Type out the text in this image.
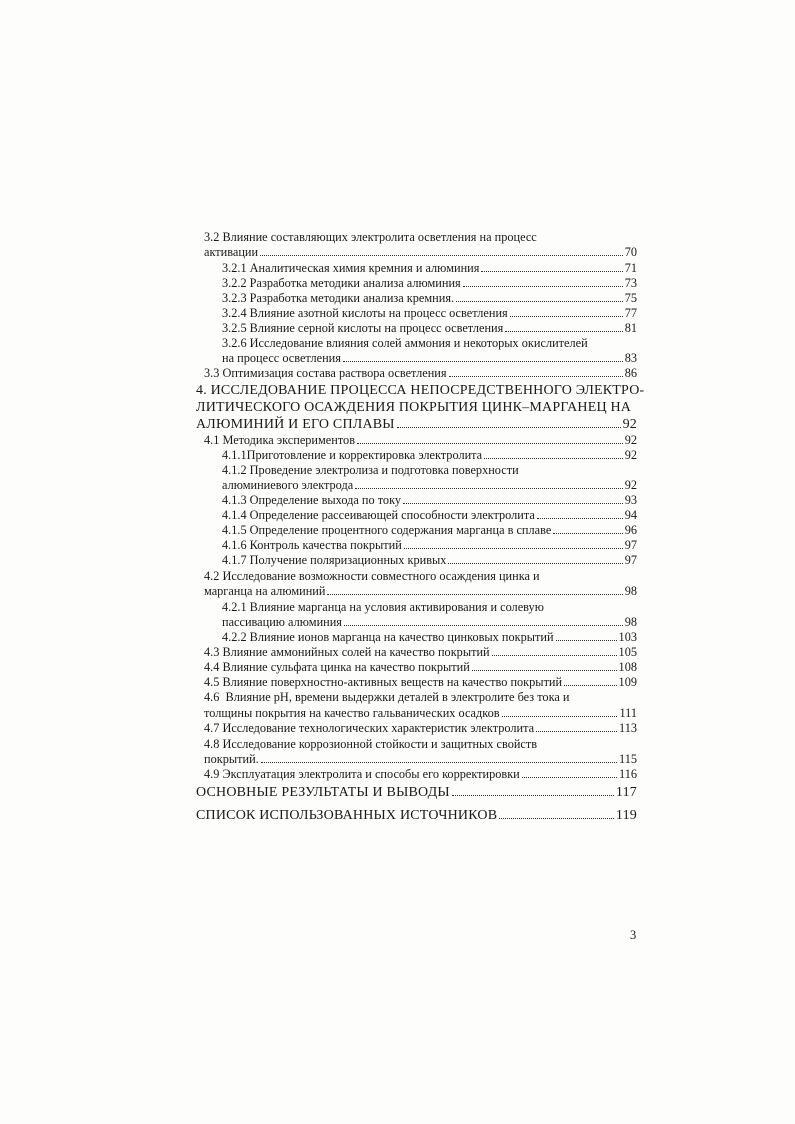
3.2 Влияние составляющих электролита осветления на процесс
активации	70
3.2.1 Аналитическая химия кремния и алюминия	71
3.2.2 Разработка методики анализа алюминия	73
3.2.3 Разработка методики анализа кремния.	75
3.2.4 Влияние азотной кислоты на процесс осветления	77
3.2.5 Влияние серной кислоты на процесс осветления	81
3.2.6 Исследование влияния солей аммония и некоторых окислителей
на процесс осветления	83
3.3 Оптимизация состава раствора осветления	86
4. ИССЛЕДОВАНИЕ ПРОЦЕССА НЕПОСРЕДСТВЕННОГО ЭЛЕКТРО-
ЛИТИЧЕСКОГО ОСАЖДЕНИЯ ПОКРЫТИЯ ЦИНК–МАРГАНЕЦ НА
АЛЮМИНИЙ И ЕГО СПЛАВЫ	92
4.1 Методика экспериментов	92
4.1.1Приготовление и корректировка электролита	92
4.1.2 Проведение электролиза и подготовка поверхности
алюминиевого электрода	92
4.1.3 Определение выхода по току	93
4.1.4 Определение рассеивающей способности электролита	94
4.1.5 Определение процентного содержания марганца в сплаве	96
4.1.6 Контроль качества покрытий	97
4.1.7 Получение поляризационных кривых	97
4.2 Исследование возможности совместного осаждения цинка и
марганца на алюминий	98
4.2.1 Влияние марганца на условия активирования и солевую
пассивацию алюминия	98
4.2.2 Влияние ионов марганца на качество цинковых покрытий	103
4.3 Влияние аммонийных солей на качество покрытий	105
4.4 Влияние сульфата цинка на качество покрытий	108
4.5 Влияние поверхностно-активных веществ на качество покрытий	109
4.6  Влияние рН, времени выдержки деталей в электролите без тока и
толщины покрытия на качество гальванических осадков	111
4.7 Исследование технологических характеристик электролита	113
4.8 Исследование коррозионной стойкости и защитных свойств
покрытий.	115
4.9 Эксплуатация электролита и способы его корректировки	116
ОСНОВНЫЕ РЕЗУЛЬТАТЫ И ВЫВОДЫ	117
СПИСОК ИСПОЛЬЗОВАННЫХ ИСТОЧНИКОВ	119
3
